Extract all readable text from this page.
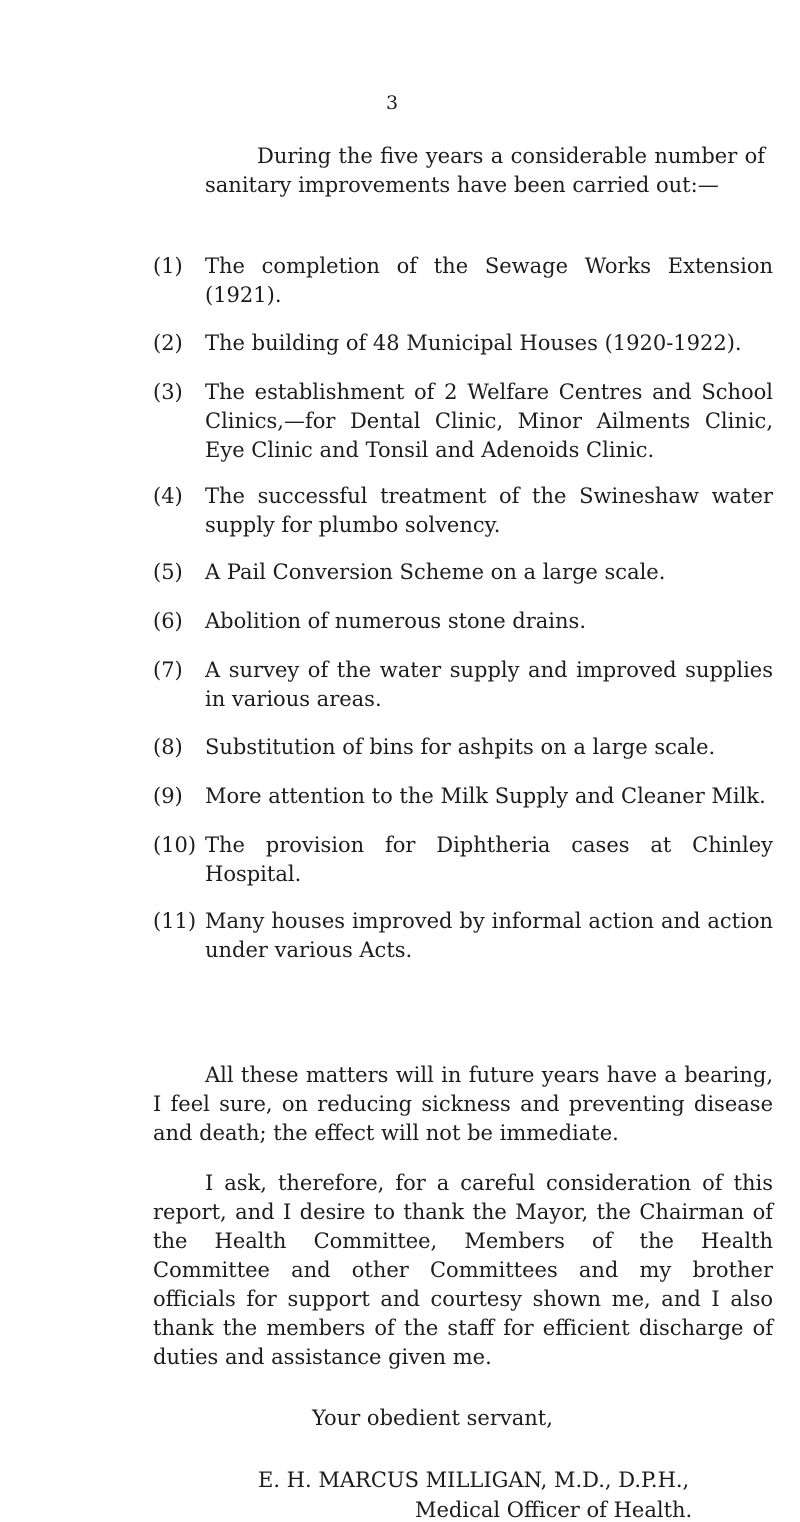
3

During the five years a considerable number of sanitary improvements have been carried out:—

(1) The completion of the Sewage Works Extension (1921).
(2) The building of 48 Municipal Houses (1920-1922).
(3) The establishment of 2 Welfare Centres and School Clinics,—for Dental Clinic, Minor Ailments Clinic, Eye Clinic and Tonsil and Adenoids Clinic.
(4) The successful treatment of the Swineshaw water supply for plumbo solvency.
(5) A Pail Conversion Scheme on a large scale.
(6) Abolition of numerous stone drains.
(7) A survey of the water supply and improved supplies in various areas.
(8) Substitution of bins for ashpits on a large scale.
(9) More attention to the Milk Supply and Cleaner Milk.
(10) The provision for Diphtheria cases at Chinley Hospital.
(11) Many houses improved by informal action and action under various Acts.

All these matters will in future years have a bearing, I feel sure, on reducing sickness and preventing disease and death; the effect will not be immediate.

I ask, therefore, for a careful consideration of this report, and I desire to thank the Mayor, the Chairman of the Health Committee, Members of the Health Committee and other Committees and my brother officials for support and courtesy shown me, and I also thank the members of the staff for efficient discharge of duties and assistance given me.

Your obedient servant,
E. H. MARCUS MILLIGAN, M.D., D.P.H.,
Medical Officer of Health.
